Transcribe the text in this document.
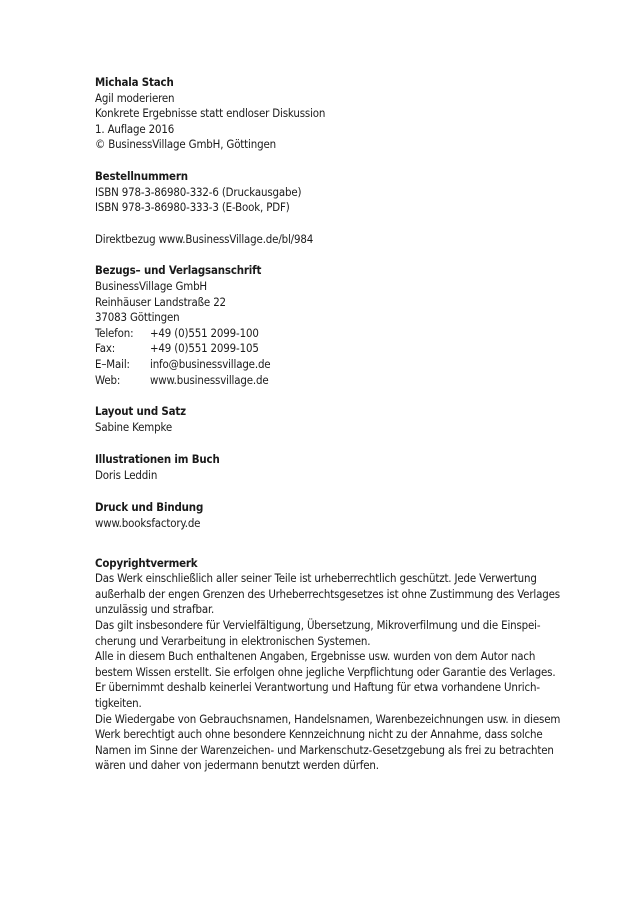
Michala Stach
Agil moderieren
Konkrete Ergebnisse statt endloser Diskussion
1. Auflage 2016
© BusinessVillage GmbH, Göttingen
Bestellnummern
ISBN 978-3-86980-332-6 (Druckausgabe)
ISBN 978-3-86980-333-3 (E-Book, PDF)
Direktbezug www.BusinessVillage.de/bl/984
Bezugs– und Verlagsanschrift
BusinessVillage GmbH
Reinhäuser Landstraße 22
37083 Göttingen
Telefon:	+49 (0)551 2099-100
Fax:	+49 (0)551 2099-105
E–Mail:	info@businessvillage.de
Web:	www.businessvillage.de
Layout und Satz
Sabine Kempke
Illustrationen im Buch
Doris Leddin
Druck und Bindung
www.booksfactory.de
Copyrightvermerk
Das Werk einschließlich aller seiner Teile ist urheberrechtlich geschützt. Jede Verwertung
außerhalb der engen Grenzen des Urheberrechtsgesetzes ist ohne Zustimmung des Verlages
unzulässig und strafbar.
Das gilt insbesondere für Vervielfältigung, Übersetzung, Mikroverfilmung und die Einspei-
cherung und Verarbeitung in elektronischen Systemen.
Alle in diesem Buch enthaltenen Angaben, Ergebnisse usw. wurden von dem Autor nach
bestem Wissen erstellt. Sie erfolgen ohne jegliche Verpflichtung oder Garantie des Verlages.
Er übernimmt deshalb keinerlei Verantwortung und Haftung für etwa vorhandene Unrich-
tigkeiten.
Die Wiedergabe von Gebrauchsnamen, Handelsnamen, Warenbezeichnungen usw. in diesem
Werk berechtigt auch ohne besondere Kennzeichnung nicht zu der Annahme, dass solche
Namen im Sinne der Warenzeichen- und Markenschutz-Gesetzgebung als frei zu betrachten
wären und daher von jedermann benutzt werden dürfen.
